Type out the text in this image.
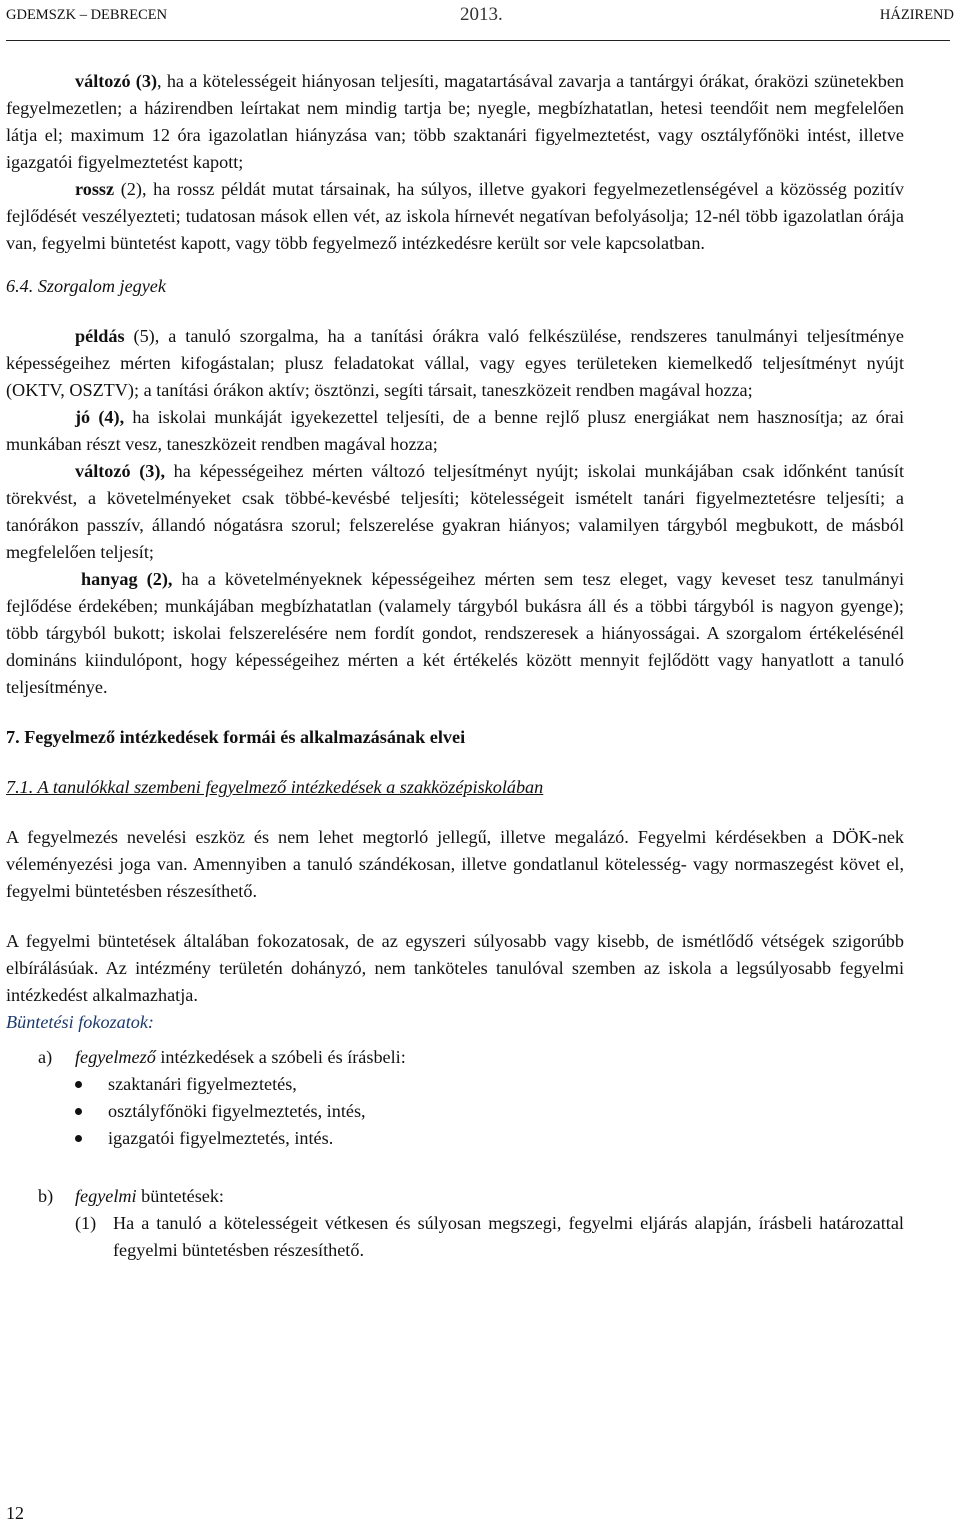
GDEMSZK – DEBRECEN	2013.	HÁZIREND

változó (3), ha a kötelességeit hiányosan teljesíti, magatartásával zavarja a tantárgyi órákat, óraközi szünetekben fegyelmezetlen; a házirendben leírtakat nem mindig tartja be; nyegle, megbízhatatlan, hetesi teendőit nem megfelelően látja el; maximum 12 óra igazolatlan hiányzása van; több szaktanári figyelmeztetést, vagy osztályfőnöki intést, illetve igazgatói figyelmeztetést kapott;

rossz (2), ha rossz példát mutat társainak, ha súlyos, illetve gyakori fegyelmezetlenségével a közösség pozitív fejlődését veszélyezteti; tudatosan mások ellen vét, az iskola hírnevét negatívan befolyásolja; 12-nél több igazolatlan órája van, fegyelmi büntetést kapott, vagy több fegyelmező intézkedésre került sor vele kapcsolatban.

6.4. Szorgalom jegyek

példás (5), a tanuló szorgalma, ha a tanítási órákra való felkészülése, rendszeres tanulmányi teljesítménye képességeihez mérten kifogástalan; plusz feladatokat vállal, vagy egyes területeken kiemelkedő teljesítményt nyújt (OKTV, OSZTV); a tanítási órákon aktív; ösztönzi, segíti társait, taneszközeit rendben magával hozza;

jó (4), ha iskolai munkáját igyekezettel teljesíti, de a benne rejlő plusz energiákat nem hasznosítja; az órai munkában részt vesz, taneszközeit rendben magával hozza;

változó (3), ha képességeihez mérten változó teljesítményt nyújt; iskolai munkájában csak időnként tanúsít törekvést, a követelményeket csak többé-kevésbé teljesíti; kötelességeit ismételt tanári figyelmeztetésre teljesíti; a tanórákon passzív, állandó nógatásra szorul; felszerelése gyakran hiányos; valamilyen tárgyból megbukott, de másból megfelelően teljesít;

hanyag (2), ha a követelményeknek képességeihez mérten sem tesz eleget, vagy keveset tesz tanulmányi fejlődése érdekében; munkájában megbízhatatlan (valamely tárgyból bukásra áll és a többi tárgyból is nagyon gyenge); több tárgyból bukott; iskolai felszerelésére nem fordít gondot, rendszeresek a hiányosságai. A szorgalom értékelésénél domináns kiindulópont, hogy képességeihez mérten a két értékelés között mennyit fejlődött vagy hanyatlott a tanuló teljesítménye.

7. Fegyelmező intézkedések formái és alkalmazásának elvei

7.1. A tanulókkal szembeni fegyelmező intézkedések a szakközépiskolában

A fegyelmezés nevelési eszköz és nem lehet megtorló jellegű, illetve megalázó. Fegyelmi kérdésekben a DÖK-nek véleményezési joga van. Amennyiben a tanuló szándékosan, illetve gondatlanul kötelesség- vagy normaszegést követ el, fegyelmi büntetésben részesíthető.

A fegyelmi büntetések általában fokozatosak, de az egyszeri súlyosabb vagy kisebb, de ismétlődő vétségek szigorúbb elbírálásúak. Az intézmény területén dohányzó, nem tanköteles tanulóval szemben az iskola a legsúlyosabb fegyelmi intézkedést alkalmazhatja.

Büntetési fokozatok:

a) fegyelmező intézkedések a szóbeli és írásbeli:

szaktanári figyelmeztetés,
osztályfőnöki figyelmeztetés, intés,
igazgatói figyelmeztetés, intés.

b) fegyelmi büntetések:

(1) Ha a tanuló a kötelességeit vétkesen és súlyosan megszegi, fegyelmi eljárás alapján, írásbeli határozattal fegyelmi büntetésben részesíthető.

12
